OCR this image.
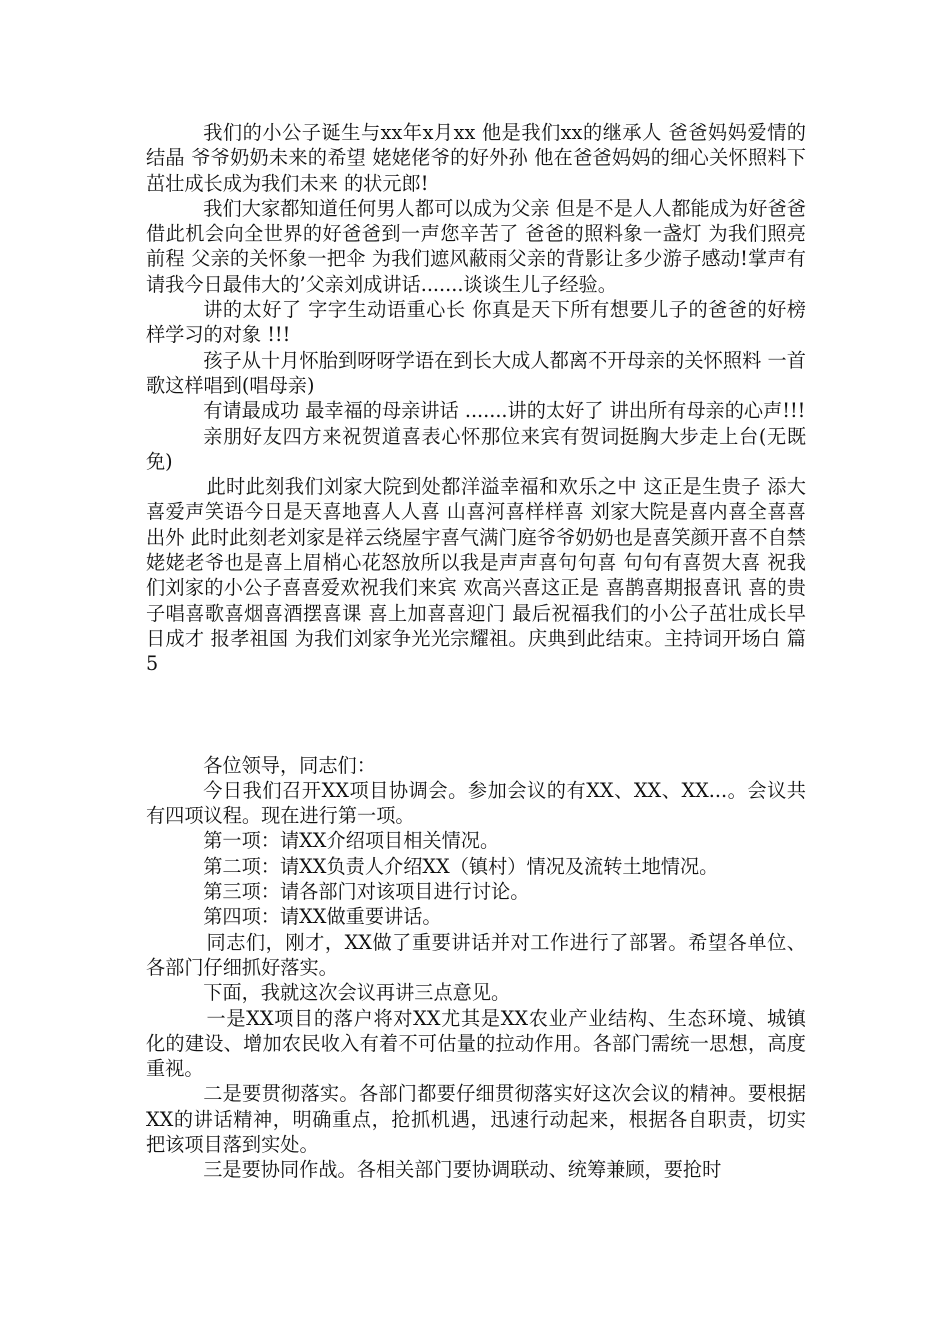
我们的小公子诞生与xx年x月xx 他是我们xx的继承人 爸爸妈妈爱情的结晶 爷爷奶奶未来的希望 姥姥佬爷的好外孙 他在爸爸妈妈的细心关怀照料下茁壮成长成为我们未来 的状元郎!

我们大家都知道任何男人都可以成为父亲 但是不是人人都能成为好爸爸 借此机会向全世界的好爸爸到一声您辛苦了 爸爸的照料象一盏灯 为我们照亮前程 父亲的关怀象一把伞 为我们遮风蔽雨父亲的背影让多少游子感动!掌声有请我今日最伟大的’父亲刘成讲话.......谈谈生儿子经验。

讲的太好了 字字生动语重心长 你真是天下所有想要儿子的爸爸的好榜样学习的对象 !!!

孩子从十月怀胎到呀呀学语在到长大成人都离不开母亲的关怀照料 一首歌这样唱到(唱母亲)

有请最成功 最幸福的母亲讲话 .......讲的太好了 讲出所有母亲的心声!!!

亲朋好友四方来祝贺道喜表心怀那位来宾有贺词挺胸大步走上台(无既免)

此时此刻我们刘家大院到处都洋溢幸福和欢乐之中 这正是生贵子 添大喜爱声笑语今日是天喜地喜人人喜 山喜河喜样样喜 刘家大院是喜内喜全喜喜出外 此时此刻老刘家是祥云绕屋宇喜气满门庭爷爷奶奶也是喜笑颜开喜不自禁 姥姥老爷也是喜上眉梢心花怒放所以我是声声喜句句喜 句句有喜贺大喜 祝我们刘家的小公子喜喜爱欢祝我们来宾 欢高兴喜这正是 喜鹊喜期报喜讯 喜的贵子唱喜歌喜烟喜酒摆喜课 喜上加喜喜迎门 最后祝福我们的小公子茁壮成长早日成才 报孝祖国 为我们刘家争光光宗耀祖。庆典到此结束。主持词开场白 篇5

各位领导，同志们：

今日我们召开XX项目协调会。参加会议的有XX、XX、XX...。会议共有四项议程。现在进行第一项。

第一项：请XX介绍项目相关情况。

第二项：请XX负责人介绍XX（镇村）情况及流转土地情况。

第三项：请各部门对该项目进行讨论。

第四项：请XX做重要讲话。

同志们，刚才，XX做了重要讲话并对工作进行了部署。希望各单位、各部门仔细抓好落实。

下面，我就这次会议再讲三点意见。

一是XX项目的落户将对XX尤其是XX农业产业结构、生态环境、城镇化的建设、增加农民收入有着不可估量的拉动作用。各部门需统一思想，高度重视。

二是要贯彻落实。各部门都要仔细贯彻落实好这次会议的精神。要根据XX的讲话精神，明确重点，抢抓机遇，迅速行动起来，根据各自职责，切实把该项目落到实处。

三是要协同作战。各相关部门要协调联动、统筹兼顾，要抢时
